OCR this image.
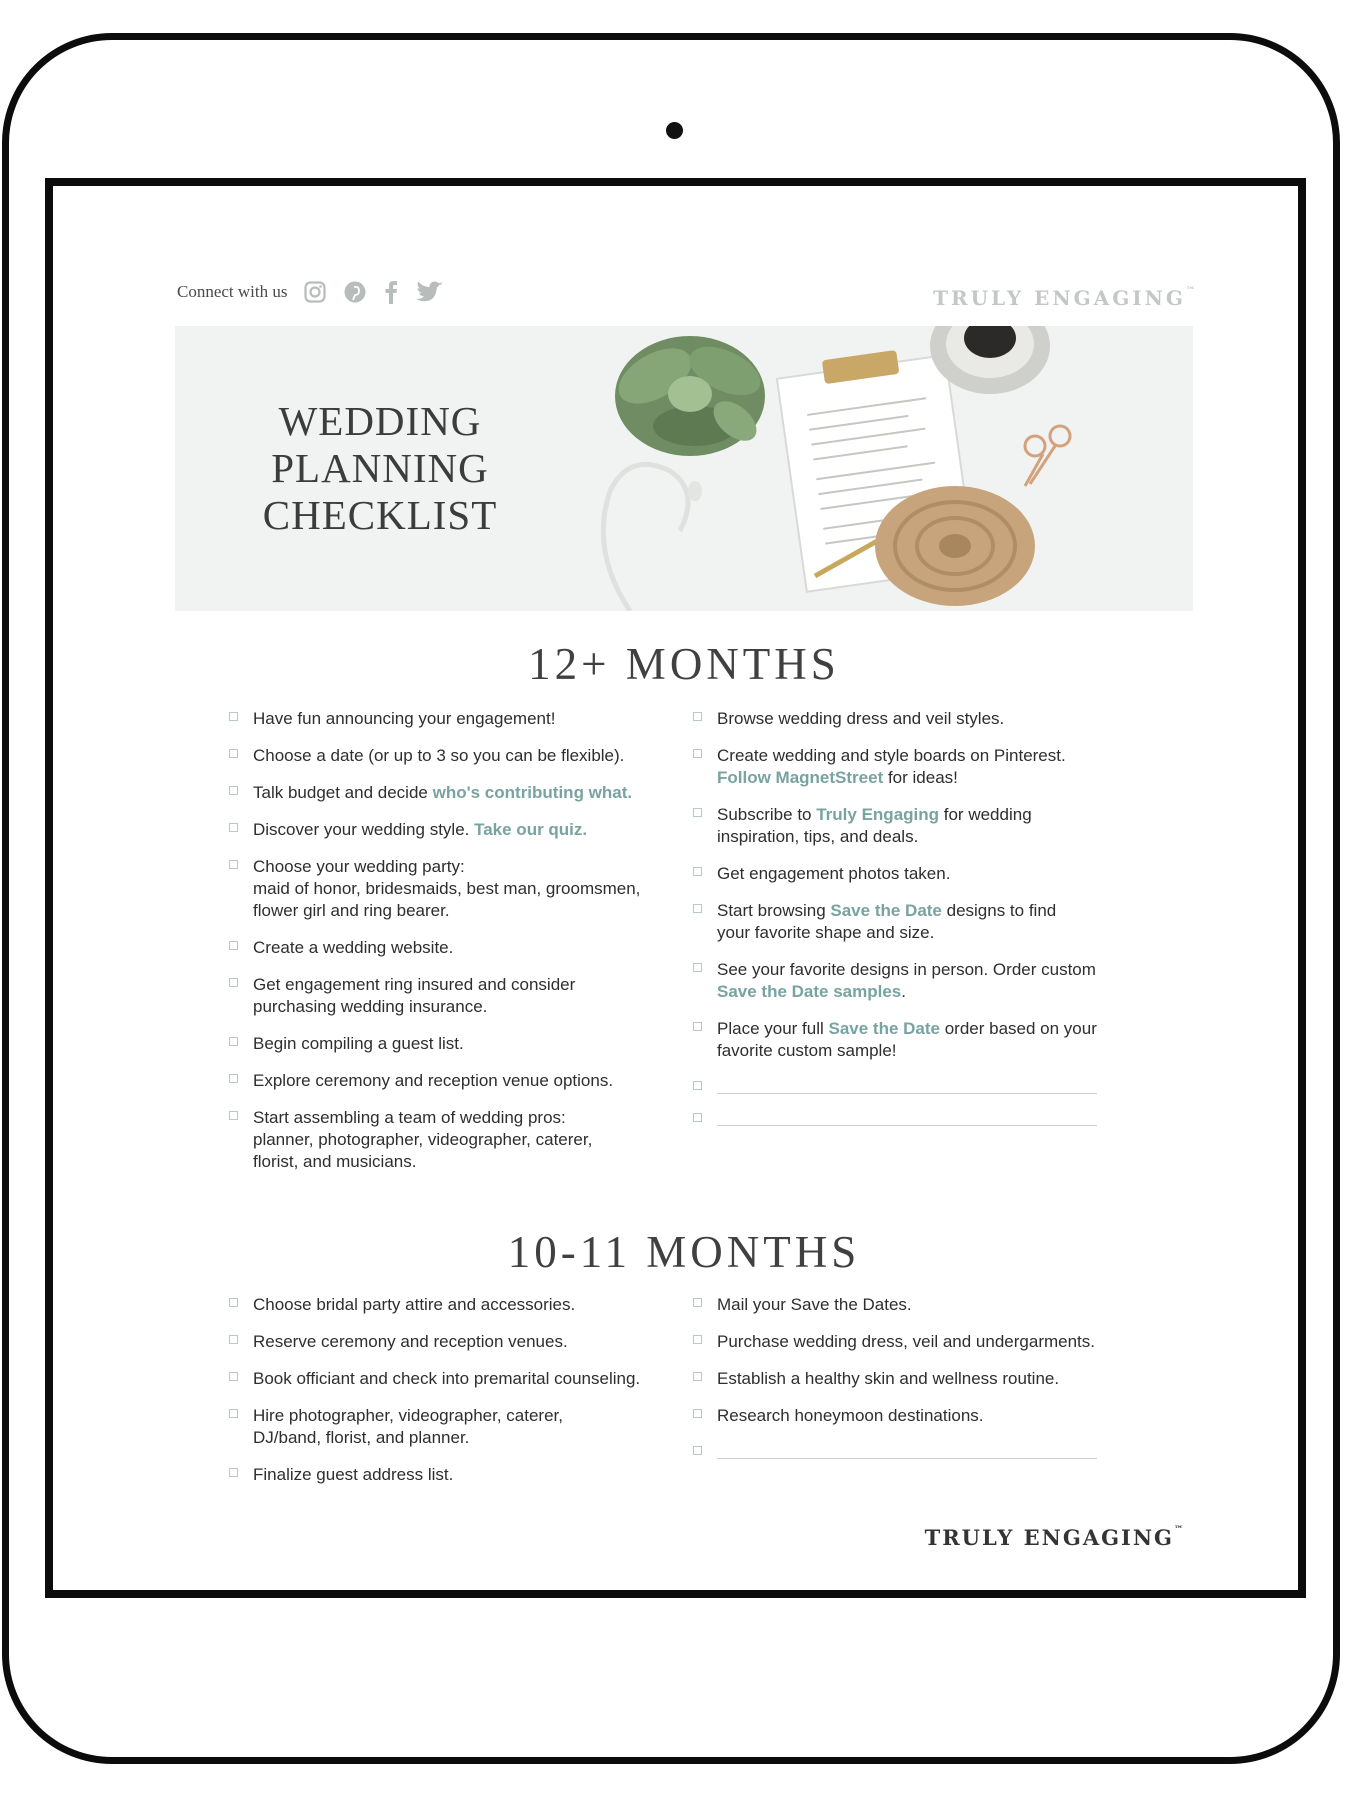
Connect with us	TRULY ENGAGING™
WEDDING
PLANNING
CHECKLIST
12+ MONTHS
Have fun announcing your engagement!
Choose a date (or up to 3 so you can be flexible).
Talk budget and decide who's contributing what.
Discover your wedding style. Take our quiz.
Choose your wedding party:
maid of honor, bridesmaids, best man, groomsmen,
flower girl and ring bearer.
Create a wedding website.
Get engagement ring insured and consider
purchasing wedding insurance.
Begin compiling a guest list.
Explore ceremony and reception venue options.
Start assembling a team of wedding pros:
planner, photographer, videographer, caterer,
florist, and musicians.
Browse wedding dress and veil styles.
Create wedding and style boards on Pinterest.
Follow MagnetStreet for ideas!
Subscribe to Truly Engaging for wedding
inspiration, tips, and deals.
Get engagement photos taken.
Start browsing Save the Date designs to find
your favorite shape and size.
See your favorite designs in person. Order custom
Save the Date samples.
Place your full Save the Date order based on your
favorite custom sample!
10-11 MONTHS
Choose bridal party attire and accessories.
Reserve ceremony and reception venues.
Book officiant and check into premarital counseling.
Hire photographer, videographer, caterer,
DJ/band, florist, and planner.
Finalize guest address list.
Mail your Save the Dates.
Purchase wedding dress, veil and undergarments.
Establish a healthy skin and wellness routine.
Research honeymoon destinations.
TRULY ENGAGING™
